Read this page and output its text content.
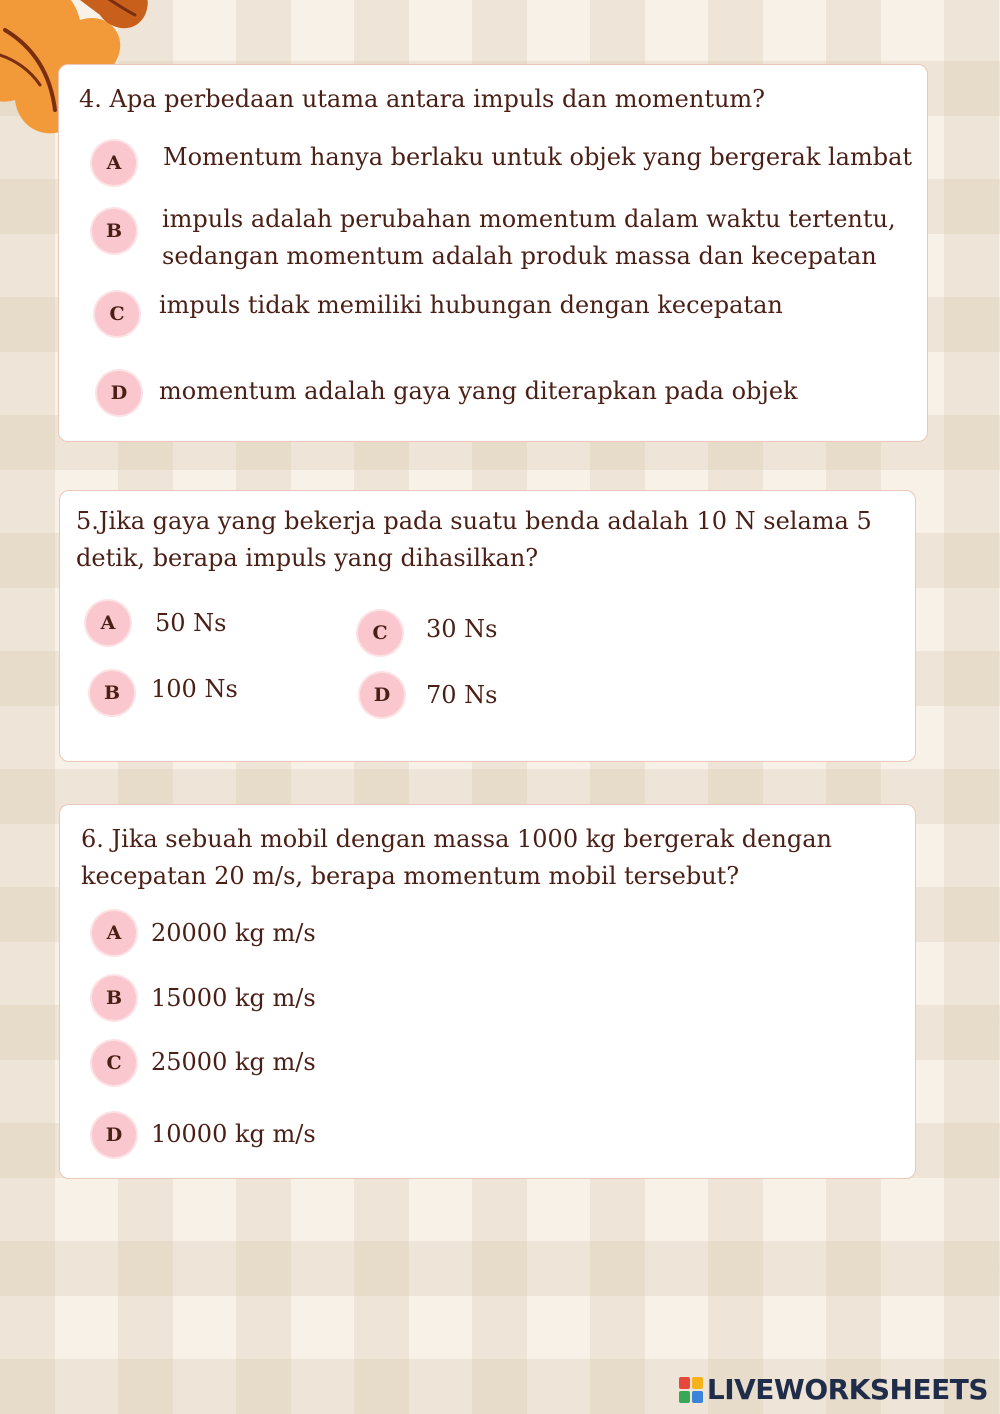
4. Apa perbedaan utama antara impuls dan momentum?

A	Momentum hanya berlaku untuk objek yang bergerak lambat
B	impuls adalah perubahan momentum dalam waktu tertentu, sedangan momentum adalah produk massa dan kecepatan
C	impuls tidak memiliki hubungan dengan kecepatan
D	momentum adalah gaya yang diterapkan pada objek

5.Jika gaya yang bekerja pada suatu benda adalah 10 N selama 5 detik, berapa impuls yang dihasilkan?

A	50 Ns
B	100 Ns
C	30 Ns
D	70 Ns

6. Jika sebuah mobil dengan massa 1000 kg bergerak dengan kecepatan 20 m/s, berapa momentum mobil tersebut?

A	20000 kg m/s
B	15000 kg m/s
C	25000 kg m/s
D	10000 kg m/s
LIVEWORKSHEETS
